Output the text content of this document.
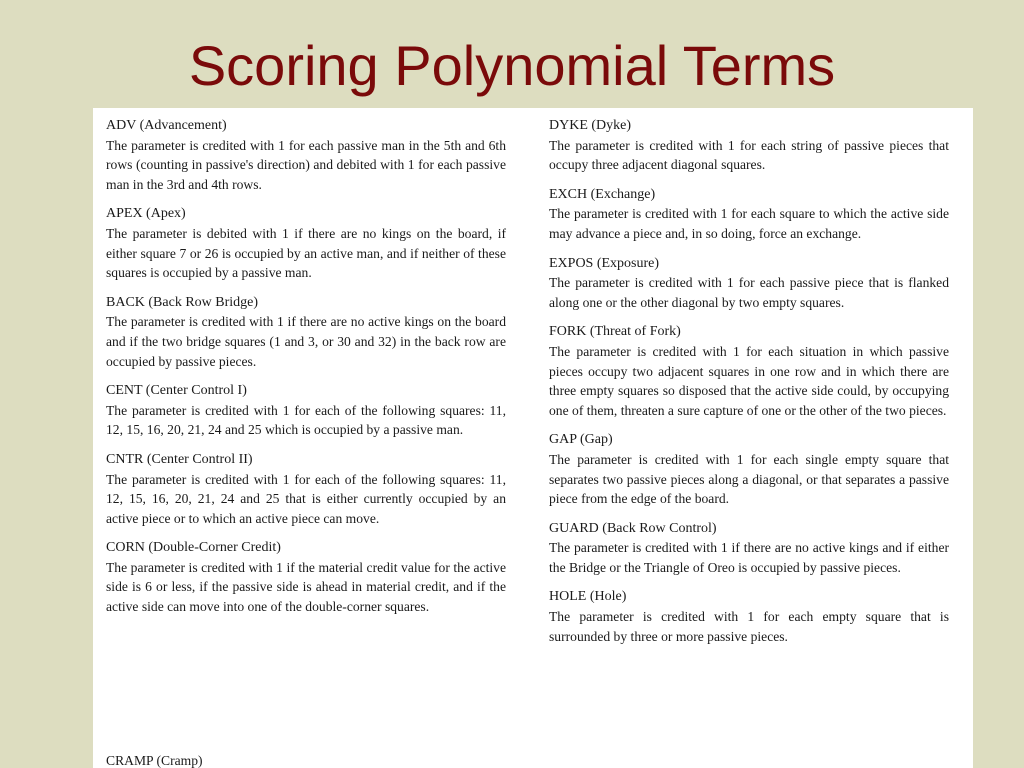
Scoring Polynomial Terms
ADV (Advancement)
The parameter is credited with 1 for each passive man in the 5th and 6th rows (counting in passive's direction) and debited with 1 for each passive man in the 3rd and 4th rows.
APEX (Apex)
The parameter is debited with 1 if there are no kings on the board, if either square 7 or 26 is occupied by an active man, and if neither of these squares is occupied by a passive man.
BACK (Back Row Bridge)
The parameter is credited with 1 if there are no active kings on the board and if the two bridge squares (1 and 3, or 30 and 32) in the back row are occupied by passive pieces.
CENT (Center Control I)
The parameter is credited with 1 for each of the following squares: 11, 12, 15, 16, 20, 21, 24 and 25 which is occupied by a passive man.
CNTR (Center Control II)
The parameter is credited with 1 for each of the following squares: 11, 12, 15, 16, 20, 21, 24 and 25 that is either currently occupied by an active piece or to which an active piece can move.
CORN (Double-Corner Credit)
The parameter is credited with 1 if the material credit value for the active side is 6 or less, if the passive side is ahead in material credit, and if the active side can move into one of the double-corner squares.
CRAMP (Cramp)
DYKE (Dyke)
The parameter is credited with 1 for each string of passive pieces that occupy three adjacent diagonal squares.
EXCH (Exchange)
The parameter is credited with 1 for each square to which the active side may advance a piece and, in so doing, force an exchange.
EXPOS (Exposure)
The parameter is credited with 1 for each passive piece that is flanked along one or the other diagonal by two empty squares.
FORK (Threat of Fork)
The parameter is credited with 1 for each situation in which passive pieces occupy two adjacent squares in one row and in which there are three empty squares so disposed that the active side could, by occupying one of them, threaten a sure capture of one or the other of the two pieces.
GAP (Gap)
The parameter is credited with 1 for each single empty square that separates two passive pieces along a diagonal, or that separates a passive piece from the edge of the board.
GUARD (Back Row Control)
The parameter is credited with 1 if there are no active kings and if either the Bridge or the Triangle of Oreo is occupied by passive pieces.
HOLE (Hole)
The parameter is credited with 1 for each empty square that is surrounded by three or more passive pieces.
